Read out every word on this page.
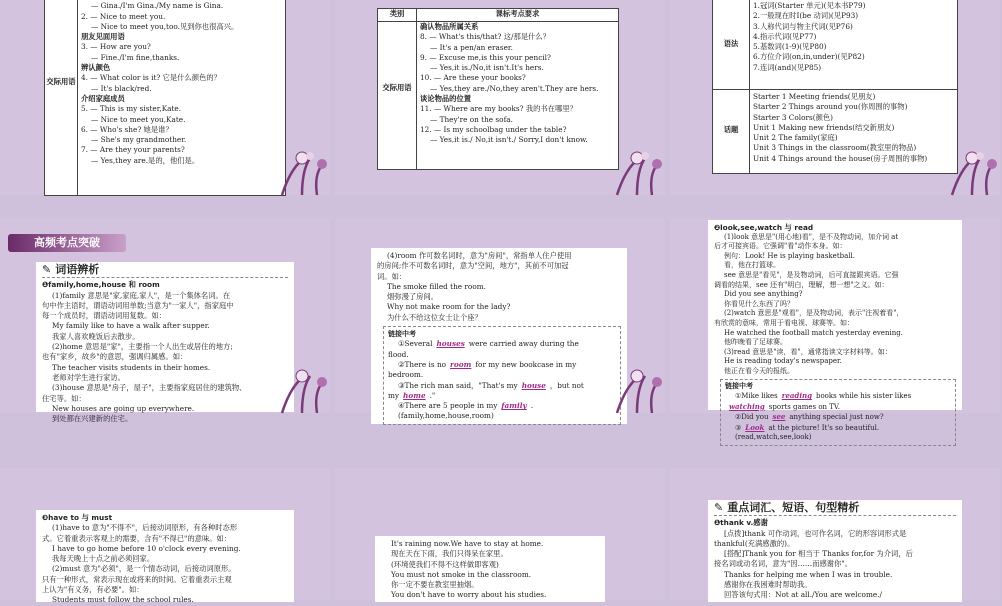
交际用语

— Gina./I'm Gina./My name is Gina.

2. — Nice to meet you.

— Nice to meet you,too.见到你也很高兴。

朋友见面用语

3. — How are you?

— Fine./I'm fine,thanks.

辨认颜色

4. — What color is it? 它是什么颜色的？

— It's black/red.

介绍家庭成员

5. — This is my sister,Kate.

— Nice to meet you,Kate.

6. — Who's she? 她是谁？

— She's my grandmother.

7. — Are they your parents?

— Yes,they are.是的，他们是。

类别	课标考点要求
交际用语

确认物品所属关系

8. — What's this/that? 这/那是什么？

— It's a pen/an eraser.

9. — Excuse me,is this your pencil?

— Yes,it is./No,it isn't.It's hers.

10. — Are these your books?

— Yes,they are./No,they aren't.They are hers.

谈论物品的位置

11. — Where are my books? 我的书在哪里？

— They're on the sofa.

12. — Is my schoolbag under the table?

— Yes,it is./ No,it isn't./ Sorry,I don't know.

语法

1.冠词(Starter 单元)(见本书P79)

2.一般现在时I(be 动词)(见P93)

3.人称代词与物主代词(见P76)

4.指示代词(见P77)

5.基数词(1-9)(见P80)

6.方位介词(on,in,under)(见P82)

7.连词(and)(见P85)

话题

Starter 1 Meeting friends(见朋友)

Starter 2 Things around you(你周围的事物)

Starter 3 Colors(颜色)

Unit 1 Making new friends(结交新朋友)

Unit 2 The family(家庭)

Unit 3 Things in the classroom(教室里的物品)

Unit 4 Things around the house(房子周围的事物)

高频考点突破
✎ 词语辨析

❶family,home,house 和 room

(1)family 意思是"家,家庭,家人"，是一个集体名词。在

句中作主语时，谓语动词用单数;当意为"一家人"，指家庭中

每一个成员时，谓语动词用复数。如：

My family like to have a walk after supper.

我家人喜欢晚饭后去散步。

(2)home 意思是"家"，主要指一个人出生或居住的地方;

也有"家乡，故乡"的意思，强调归属感。如：

The teacher visits students in their homes.

老师对学生进行家访。

(3)house 意思是"房子，屋子"，主要指家庭居住的建筑物、

住宅等。如：

New houses are going up everywhere.

到处都在兴建新的住宅。

(4)room 作可数名词时，意为"房间"，常指单人住户使用

的房间;作不可数名词时，意为"空间，地方"，其前不可加冠

词。如：

The smoke filled the room.

烟弥漫了房间。

Why not make room for the lady?

为什么不给这位女士让个座？

链接中考

①Several houses were carried away during the

flood.

②There is no room for my new bookcase in my

bedroom.

③The rich man said，"That's my house ，but not

my home ."

④There are 5 people in my family .

(family,home,house,room)

❷look,see,watch 与 read

(1)look 意思是"(用心地)看"，是不及物动词，加介词 at

后才可接宾语。它强调"看"动作本身。如：

例句：Look! He is playing basketball.

看，他在打篮球。

see 意思是"看见"，是及物动词，后可直接跟宾语。它强

调看的结果，see 还有"明白，理解，想一想"之义。如：

Did you see anything?

你看见什么东西了吗？

(2)watch 意思是"观看"，是及物动词，表示"注视着看"，

有欣赏的意味，常用于看电视、球赛等。如：

He watched the football match yesterday evening.

他昨晚看了足球赛。

(3)read 意思是"读，看"，通常指读文字材料等。如：

He is reading today's newspaper.

他正在看今天的报纸。

链接中考

①Mike likes reading books while his sister likes

watching sports games on TV.

②Did you see anything special just now?

③ Look at the picture! It's so beautiful.

(read,watch,see,look)

❸have to 与 must

(1)have to 意为"不得不"，后接动词原形，有各种时态形

式。它着重表示客观上的需要，含有"不得已"的意味。如：

I have to go home before 10 o'clock every evening.

我每天晚上十点之前必须回家。

(2)must 意为"必须"，是一个情态动词，后接动词原形。

只有一种形式，常表示现在或将来的时间。它着重表示主观

上认为"有义务，有必要"。如：

Students must follow the school rules.

It's raining now.We have to stay at home.

现在天在下雨，我们只得呆在家里。

(环境使我们不得不这样做即客观)

You must not smoke in the classroom.

你一定不要在教室里抽烟。

You don't have to worry about his studies.

✎ 重点词汇、短语、句型精析

❶thank v.感谢

[点拨]thank 可作动词，也可作名词，它的形容词形式是

thankful(充满感激的)。

[搭配]Thank you for 相当于 Thanks for,for 为介词，后

接名词或动名词，意为"因……而感谢你"。

Thanks for helping me when I was in trouble.

感谢你在我困难时帮助我。

回答该句式用：Not at all./You are welcome./
